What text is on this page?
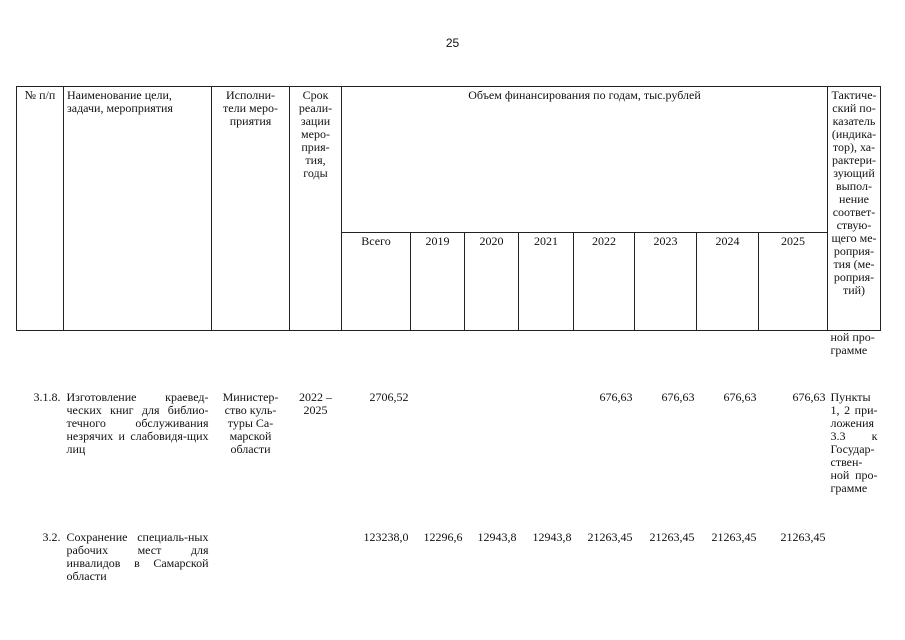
25
№ п/п	Наименование цели, задачи, мероприятия	Исполни-тели меро-приятия	Срок реали-зации меро-прия-тия, годы	Объем финансирования по годам, тыс.рублей								Тактиче-ский по-казатель (индика-тор), ха-рактери-зующий выпол-нение соответ-ствую-щего ме-роприя-тия (ме-роприя-тий)
				Всего	2019	2020	2021	2022	2023	2024	2025	
												ной про-грамме
3.1.8.	Изготовление краевед-ческих книг для библио-течного обслуживания незрячих и слабовидя-щих лиц	Министер-ство куль-туры Са-марской области	2022 – 2025	2706,52				676,63	676,63	676,63	676,63	Пункты 1, 2 при-ложения 3.3 к Государ-ствен-ной про-грамме
3.2.	Сохранение специаль-ных рабочих мест для инвалидов в Самарской области			123238,0	12296,6	12943,8	12943,8	21263,45	21263,45	21263,45	21263,45	
